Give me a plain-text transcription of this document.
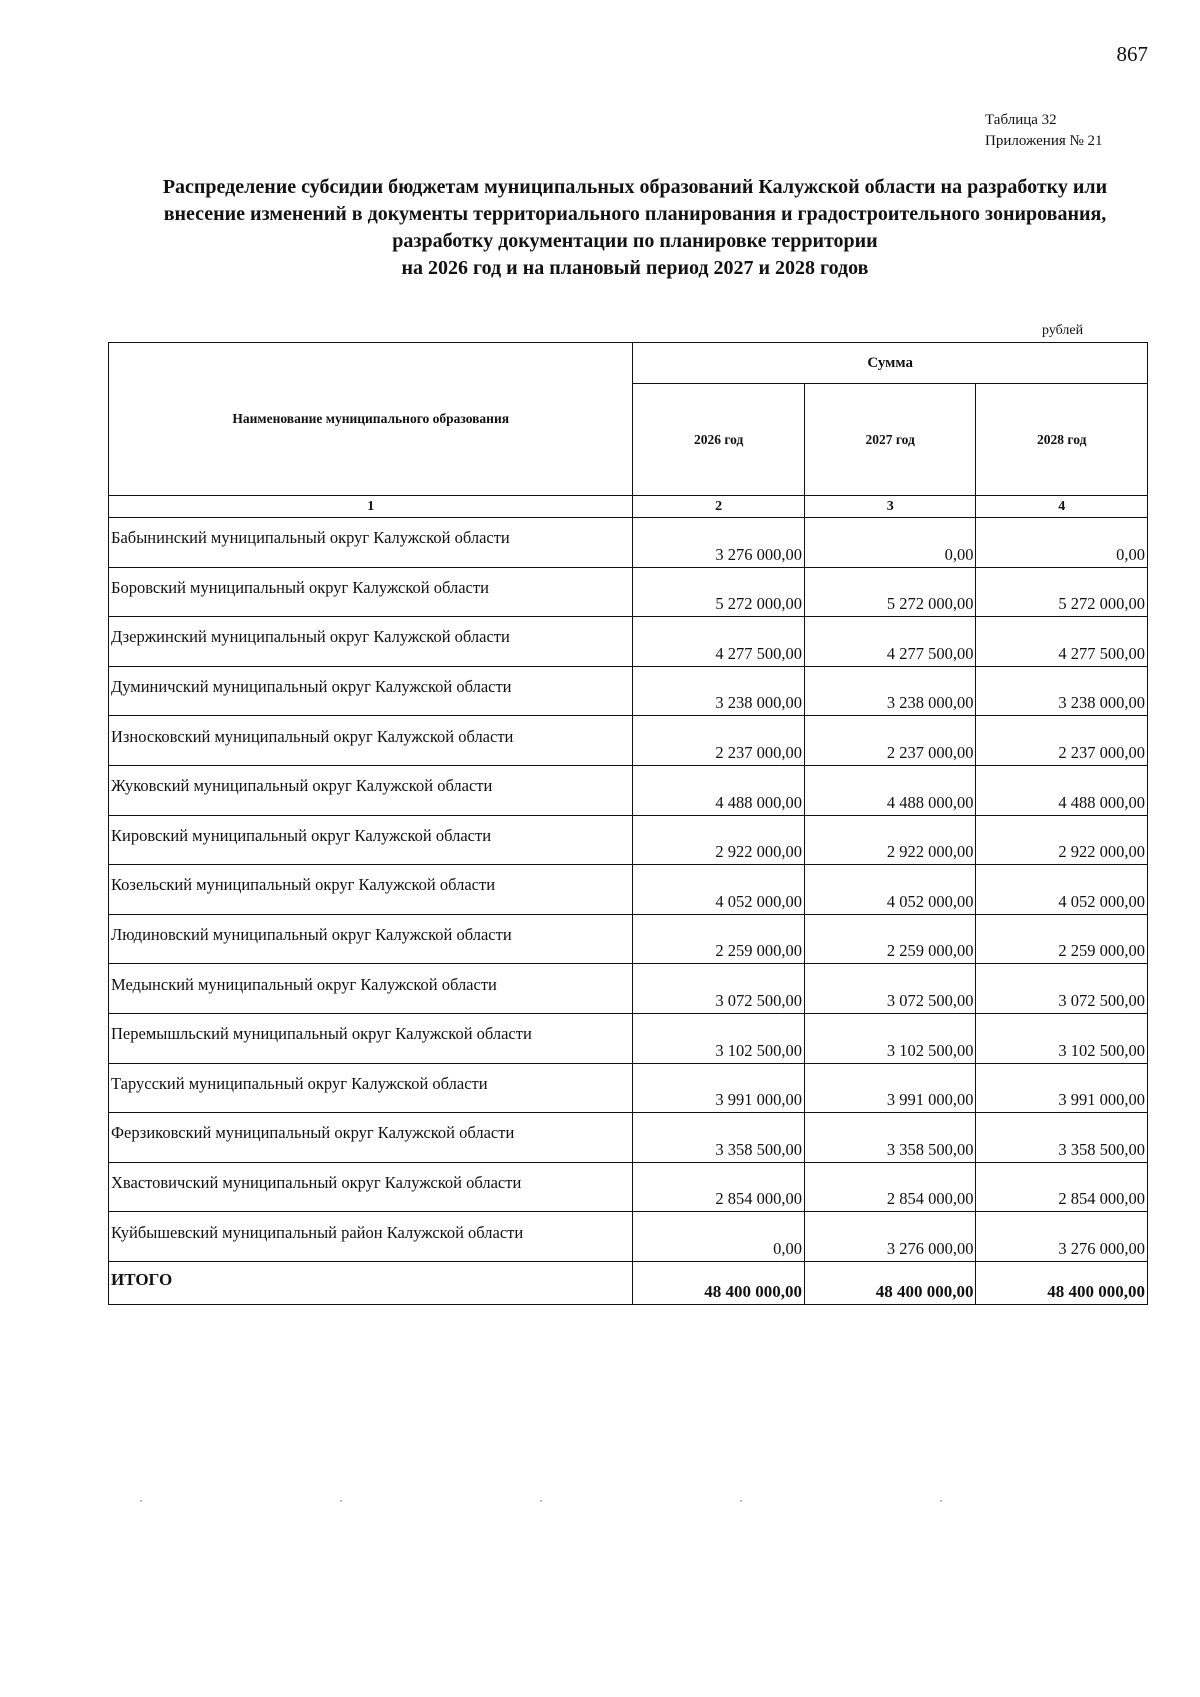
867
Таблица 32
Приложения № 21
Распределение субсидии бюджетам муниципальных образований Калужской области на разработку или
внесение изменений в документы территориального планирования и градостроительного зонирования,
разработку документации по планировке территории
на 2026 год и на плановый период 2027 и 2028 годов
рублей
Наименование муниципального образования	Сумма		
	2026 год	2027 год	2028 год
1	2	3	4
Бабынинский муниципальный округ Калужской области	3 276 000,00	0,00	0,00
Боровский муниципальный округ Калужской области	5 272 000,00	5 272 000,00	5 272 000,00
Дзержинский муниципальный округ Калужской области	4 277 500,00	4 277 500,00	4 277 500,00
Думиничский муниципальный округ Калужской области	3 238 000,00	3 238 000,00	3 238 000,00
Износковский муниципальный округ Калужской области	2 237 000,00	2 237 000,00	2 237 000,00
Жуковский муниципальный округ Калужской области	4 488 000,00	4 488 000,00	4 488 000,00
Кировский муниципальный округ Калужской области	2 922 000,00	2 922 000,00	2 922 000,00
Козельский муниципальный округ Калужской области	4 052 000,00	4 052 000,00	4 052 000,00
Людиновский муниципальный округ Калужской области	2 259 000,00	2 259 000,00	2 259 000,00
Медынский муниципальный округ Калужской области	3 072 500,00	3 072 500,00	3 072 500,00
Перемышльский муниципальный округ Калужской области	3 102 500,00	3 102 500,00	3 102 500,00
Тарусский муниципальный округ Калужской области	3 991 000,00	3 991 000,00	3 991 000,00
Ферзиковский муниципальный округ Калужской области	3 358 500,00	3 358 500,00	3 358 500,00
Хвастовичский муниципальный округ Калужской области	2 854 000,00	2 854 000,00	2 854 000,00
Куйбышевский муниципальный район Калужской области	0,00	3 276 000,00	3 276 000,00
ИТОГО	48 400 000,00	48 400 000,00	48 400 000,00
